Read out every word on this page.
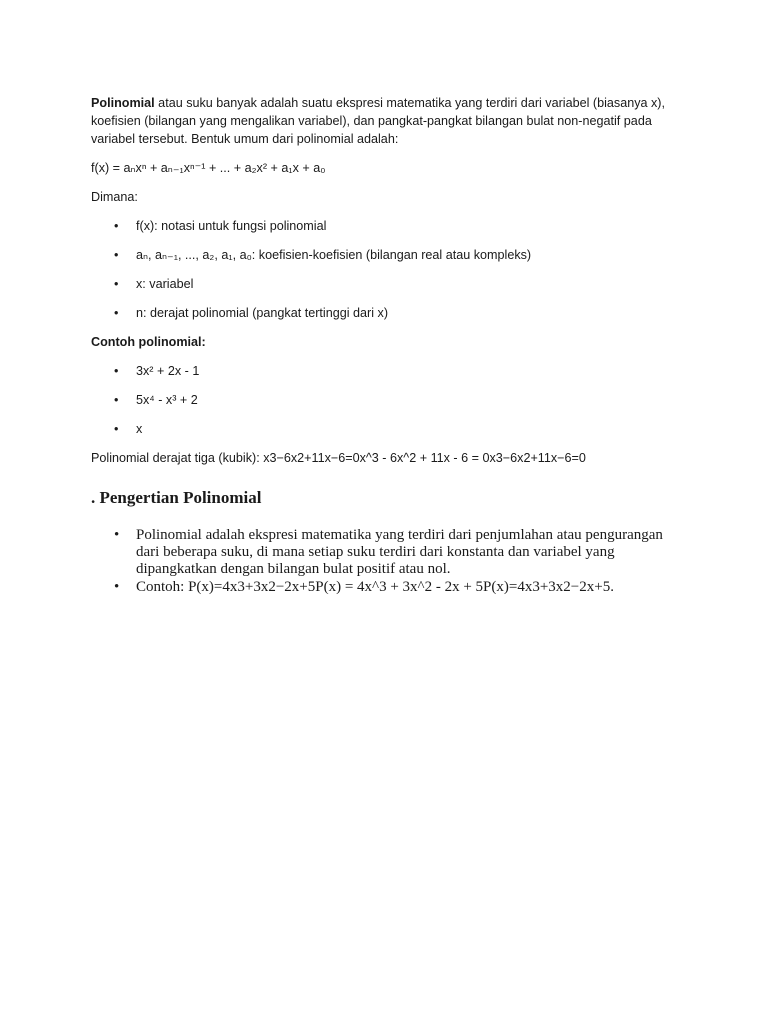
Polinomial atau suku banyak adalah suatu ekspresi matematika yang terdiri dari variabel (biasanya x), koefisien (bilangan yang mengalikan variabel), dan pangkat-pangkat bilangan bulat non-negatif pada variabel tersebut. Bentuk umum dari polinomial adalah:

f(x) = aₙxⁿ + aₙ₋₁xⁿ⁻¹ + ... + a₂x² + a₁x + a₀

Dimana:

• f(x): notasi untuk fungsi polinomial
• aₙ, aₙ₋₁, ..., a₂, a₁, a₀: koefisien-koefisien (bilangan real atau kompleks)
• x: variabel
• n: derajat polinomial (pangkat tertinggi dari x)

Contoh polinomial:

• 3x² + 2x - 1
• 5x⁴ - x³ + 2
• x

Polinomial derajat tiga (kubik): x3−6x2+11x−6=0x^3 - 6x^2 + 11x - 6 = 0x3−6x2+11x−6=0

. Pengertian Polinomial
• Polinomial adalah ekspresi matematika yang terdiri dari penjumlahan atau pengurangan dari beberapa suku, di mana setiap suku terdiri dari konstanta dan variabel yang dipangkatkan dengan bilangan bulat positif atau nol.
• Contoh: P(x)=4x3+3x2−2x+5P(x) = 4x^3 + 3x^2 - 2x + 5P(x)=4x3+3x2−2x+5.
